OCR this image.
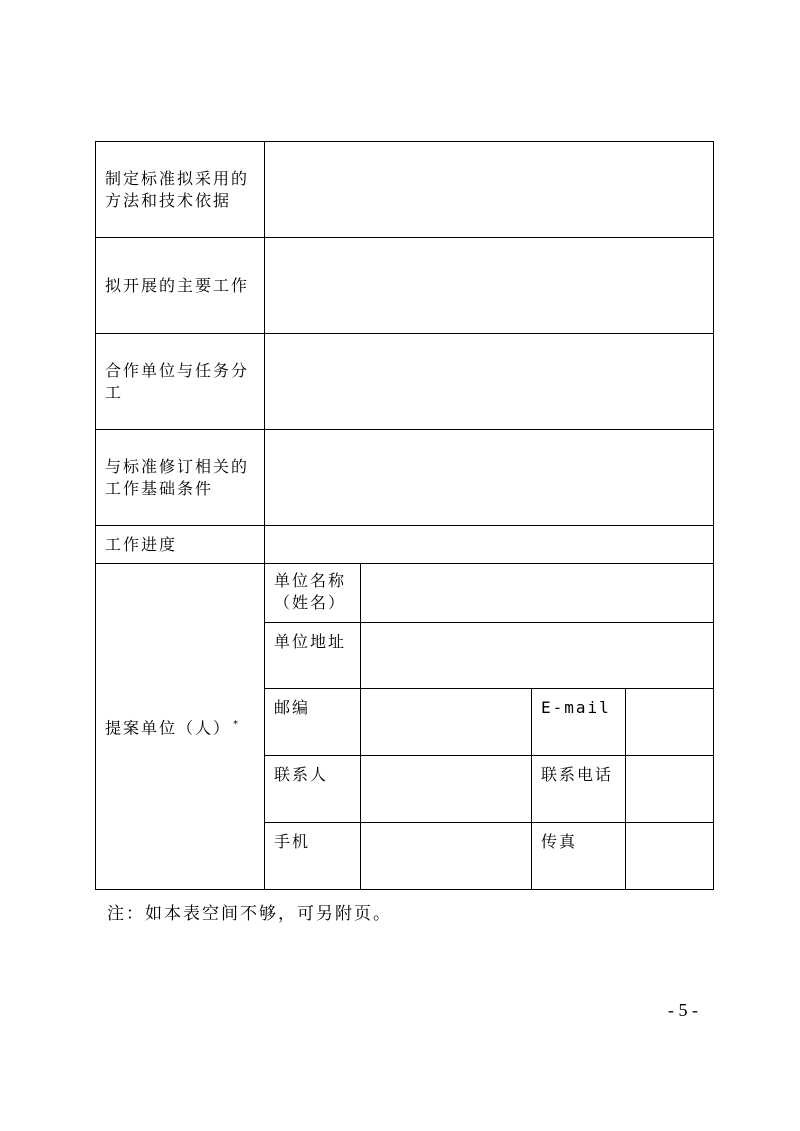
制定标准拟采用的方法和技术依据				
拟开展的主要工作				
合作单位与任务分工				
与标准修订相关的工作基础条件				
工作进度				
提案单位（人） *	单位名称（姓名）			
	单位地址			
	邮编		E-mail	
	联系人		联系电话	
	手机		传真	
注：如本表空间不够，可另附页。
- 5 -
